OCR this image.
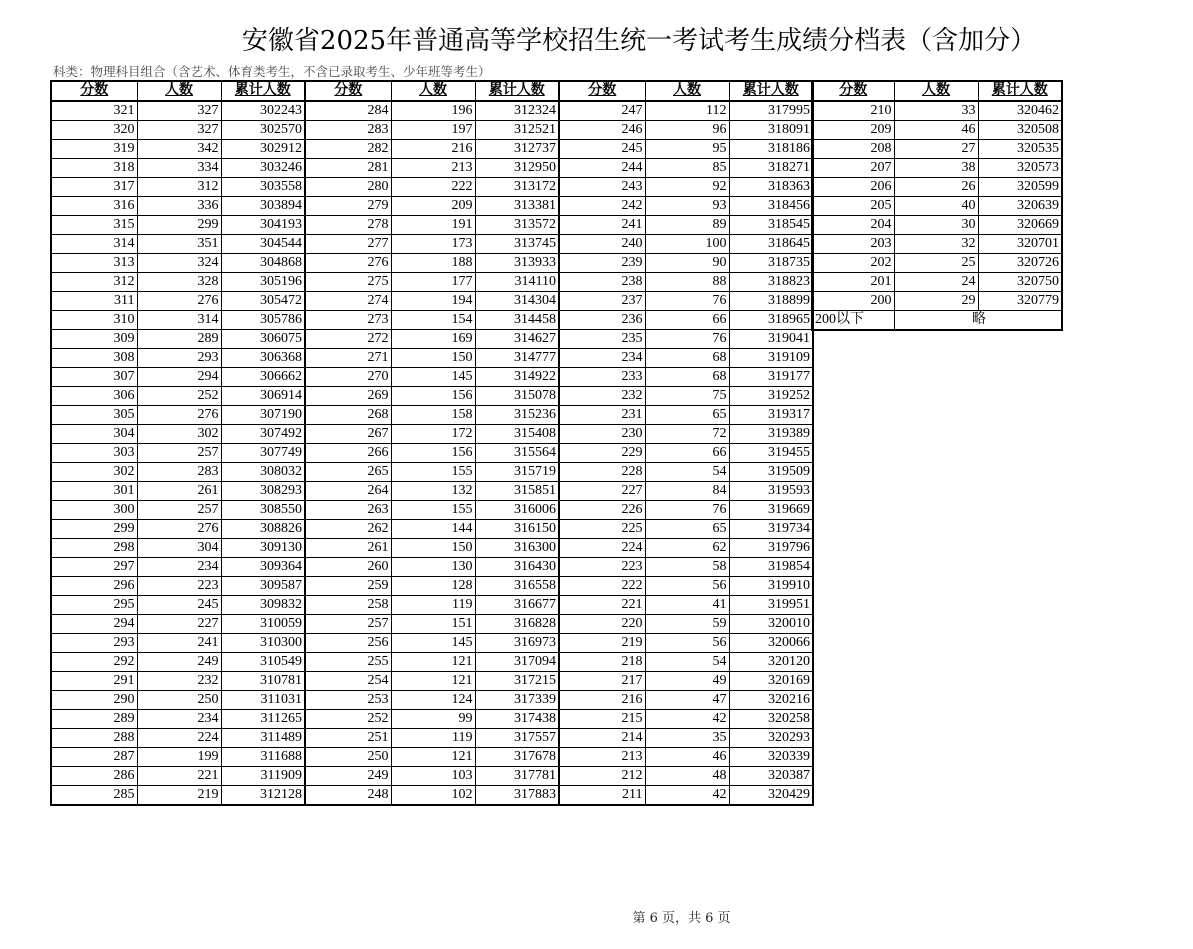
安徽省2025年普通高等学校招生统一考试考生成绩分档表（含加分）
科类：物理科目组合（含艺术、体育类考生，不含已录取考生、少年班等考生）
分数	人数	累计人数	分数	人数	累计人数	分数	人数	累计人数
321	327	302243	284	196	312324	247	112	317995
320	327	302570	283	197	312521	246	96	318091
319	342	302912	282	216	312737	245	95	318186
318	334	303246	281	213	312950	244	85	318271
317	312	303558	280	222	313172	243	92	318363
316	336	303894	279	209	313381	242	93	318456
315	299	304193	278	191	313572	241	89	318545
314	351	304544	277	173	313745	240	100	318645
313	324	304868	276	188	313933	239	90	318735
312	328	305196	275	177	314110	238	88	318823
311	276	305472	274	194	314304	237	76	318899
310	314	305786	273	154	314458	236	66	318965
309	289	306075	272	169	314627	235	76	319041
308	293	306368	271	150	314777	234	68	319109
307	294	306662	270	145	314922	233	68	319177
306	252	306914	269	156	315078	232	75	319252
305	276	307190	268	158	315236	231	65	319317
304	302	307492	267	172	315408	230	72	319389
303	257	307749	266	156	315564	229	66	319455
302	283	308032	265	155	315719	228	54	319509
301	261	308293	264	132	315851	227	84	319593
300	257	308550	263	155	316006	226	76	319669
299	276	308826	262	144	316150	225	65	319734
298	304	309130	261	150	316300	224	62	319796
297	234	309364	260	130	316430	223	58	319854
296	223	309587	259	128	316558	222	56	319910
295	245	309832	258	119	316677	221	41	319951
294	227	310059	257	151	316828	220	59	320010
293	241	310300	256	145	316973	219	56	320066
292	249	310549	255	121	317094	218	54	320120
291	232	310781	254	121	317215	217	49	320169
290	250	311031	253	124	317339	216	47	320216
289	234	311265	252	99	317438	215	42	320258
288	224	311489	251	119	317557	214	35	320293
287	199	311688	250	121	317678	213	46	320339
286	221	311909	249	103	317781	212	48	320387
285	219	312128	248	102	317883	211	42	320429
分数	人数	累计人数
210	33	320462
209	46	320508
208	27	320535
207	38	320573
206	26	320599
205	40	320639
204	30	320669
203	32	320701
202	25	320726
201	24	320750
200	29	320779
200以下	略	
第 6 页，共 6 页
